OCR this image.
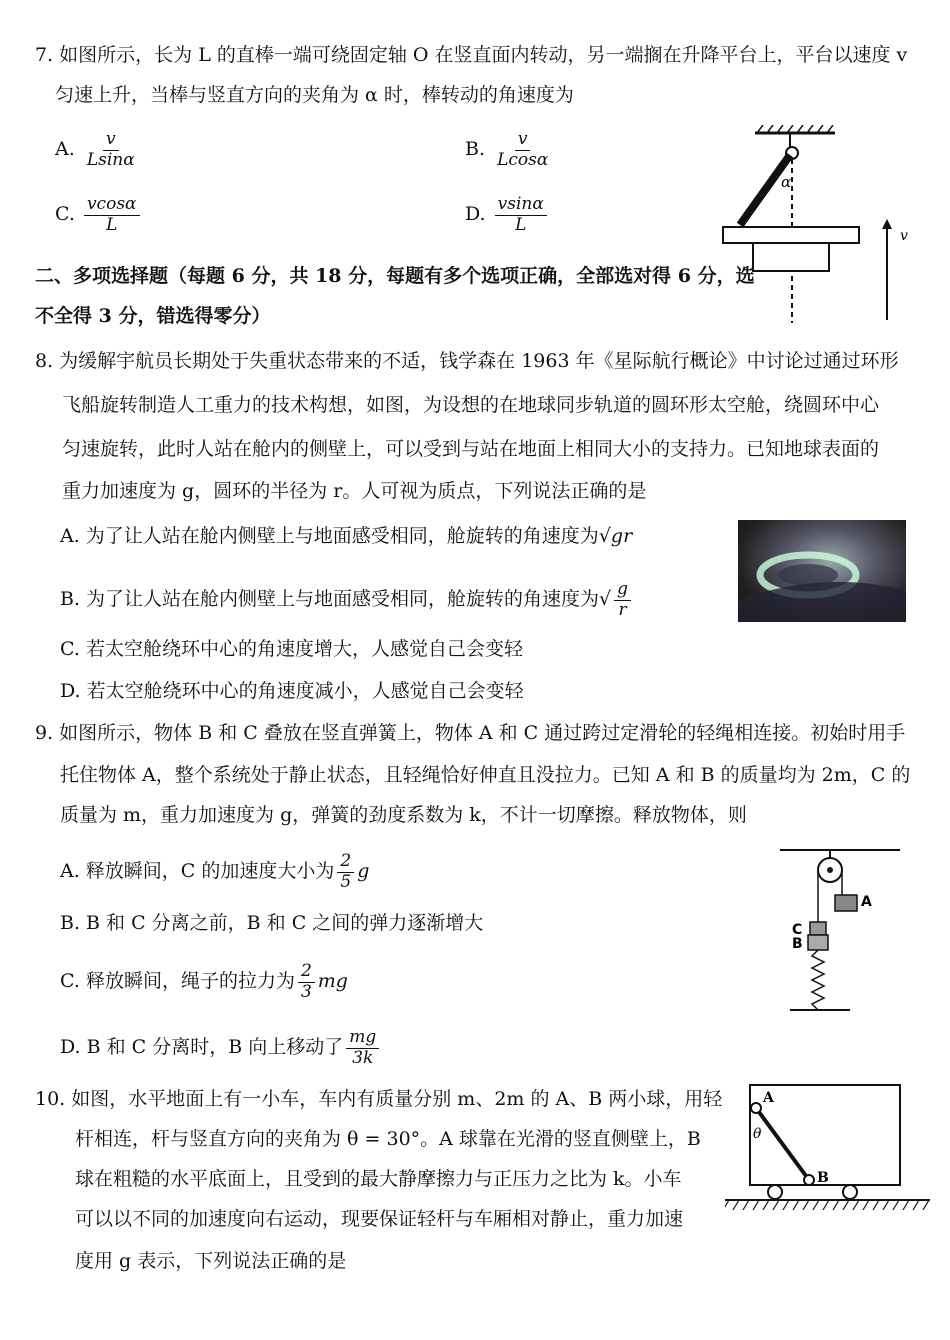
7. 如图所示，长为 L 的直棒一端可绕固定轴 O 在竖直面内转动，另一端搁在升降平台上，平台以速度 v
匀速上升，当棒与竖直方向的夹角为 α 时，棒转动的角速度为
A. $\frac{v}{Lsin\alpha}$	B. $\frac{v}{Lcos\alpha}$
C. $\frac{vcos\alpha}{L}$	D. $\frac{vsin\alpha}{L}$
α
v
二、多项选择题（每题 6 分，共 18 分，每题有多个选项正确，全部选对得 6 分，选
不全得 3 分，错选得零分）
8. 为缓解宇航员长期处于失重状态带来的不适，钱学森在 1963 年《星际航行概论》中讨论过通过环形
飞船旋转制造人工重力的技术构想，如图，为设想的在地球同步轨道的圆环形太空舱，绕圆环中心
匀速旋转，此时人站在舱内的侧壁上，可以受到与站在地面上相同大小的支持力。已知地球表面的
重力加速度为 g，圆环的半径为 r。人可视为质点，下列说法正确的是
A. 为了让人站在舱内侧壁上与地面感受相同，舱旋转的角速度为√gr
B. 为了让人站在舱内侧壁上与地面感受相同，舱旋转的角速度为√ $\frac{g}{r}$
C. 若太空舱绕环中心的角速度增大，人感觉自己会变轻
D. 若太空舱绕环中心的角速度减小，人感觉自己会变轻
9. 如图所示，物体 B 和 C 叠放在竖直弹簧上，物体 A 和 C 通过跨过定滑轮的轻绳相连接。初始时用手
托住物体 A，整个系统处于静止状态，且轻绳恰好伸直且没拉力。已知 A 和 B 的质量均为 2m，C 的
质量为 m，重力加速度为 g，弹簧的劲度系数为 k，不计一切摩擦。释放物体，则
A. 释放瞬间，C 的加速度大小为 $\frac{2}{5}$ g
B. B 和 C 分离之前，B 和 C 之间的弹力逐渐增大
C. 释放瞬间，绳子的拉力为 $\frac{2}{3}$ mg
D. B 和 C 分离时，B 向上移动了 $\frac{mg}{3k}$
A
C
B
10. 如图，水平地面上有一小车，车内有质量分别 m、2m 的 A、B 两小球，用轻
杆相连，杆与竖直方向的夹角为 θ = 30°。A 球靠在光滑的竖直侧壁上，B
球在粗糙的水平底面上，且受到的最大静摩擦力与正压力之比为 k。小车
可以以不同的加速度向右运动，现要保证轻杆与车厢相对静止，重力加速
度用 g 表示，下列说法正确的是
A
θ
B
